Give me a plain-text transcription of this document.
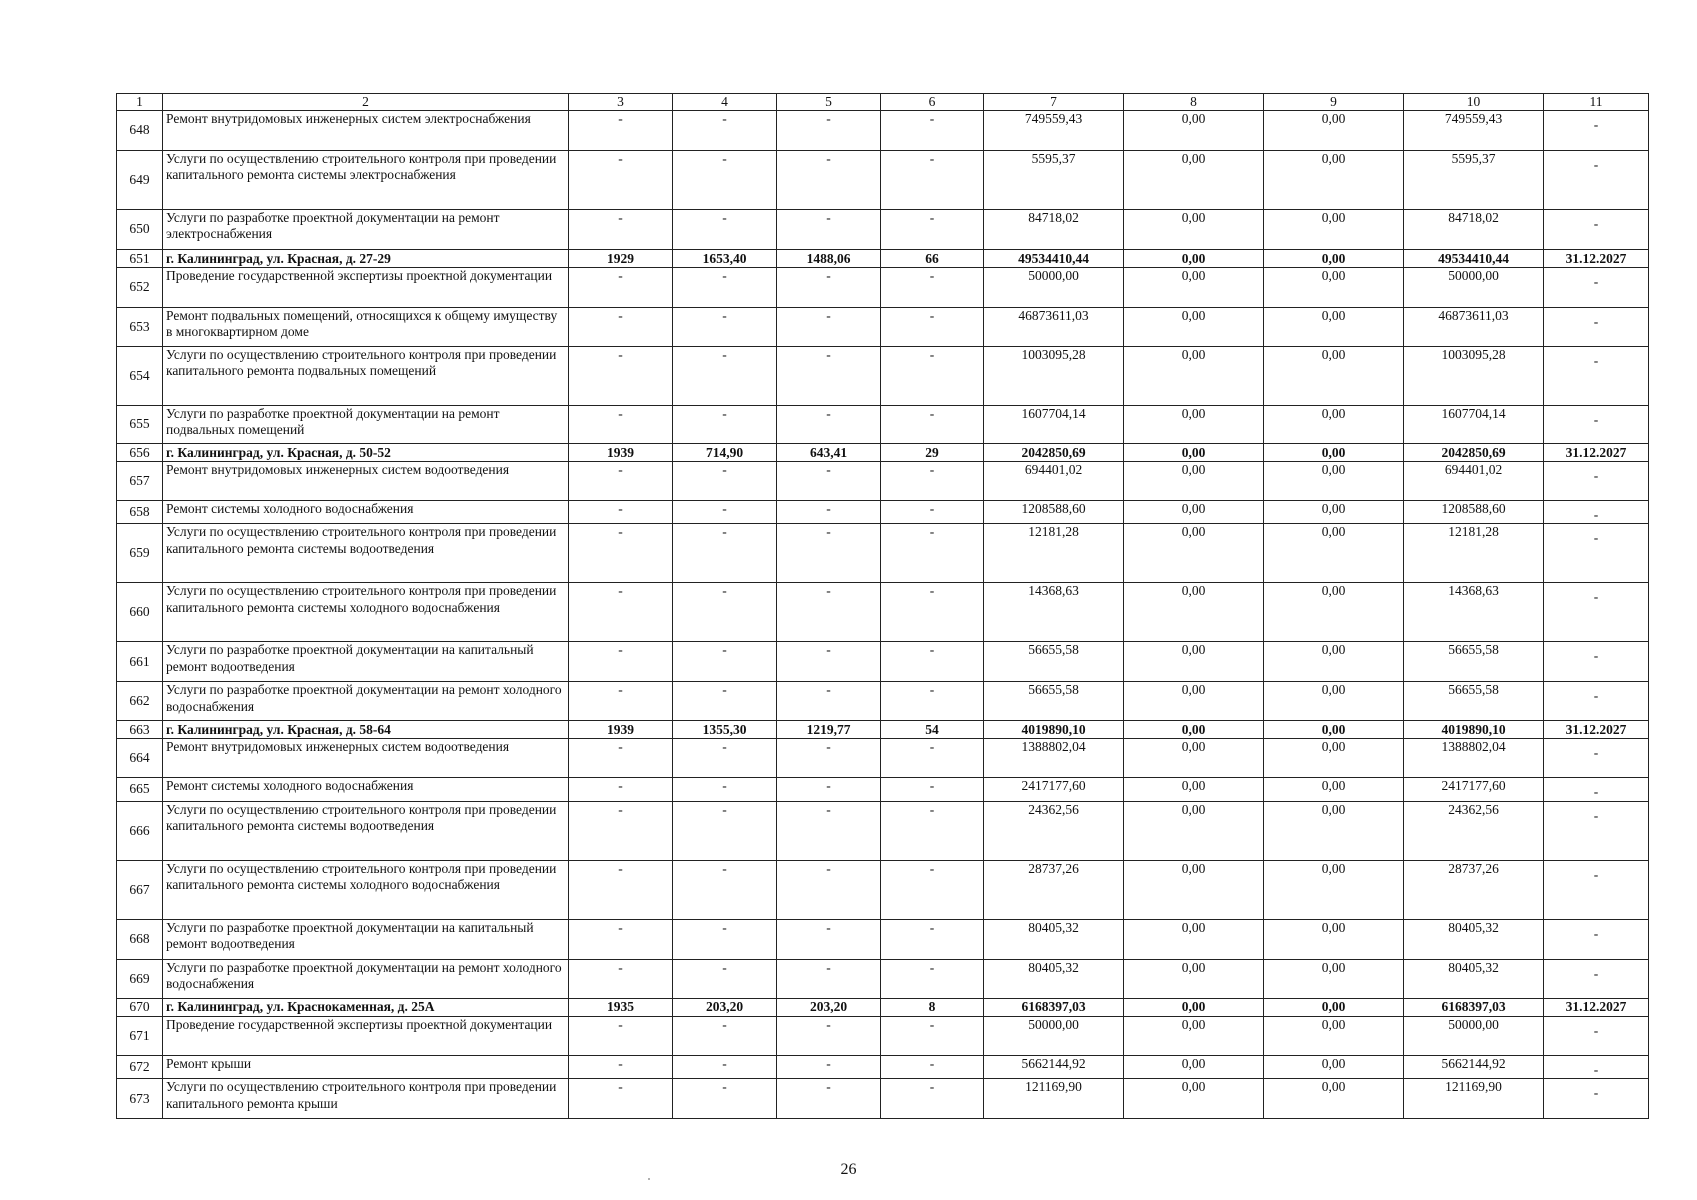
1	2	3	4	5	6	7	8	9	10	11
648	Ремонт внутридомовых инженерных систем электроснабжения	-	-	-	-	749559,43	0,00	0,00	749559,43	-
649	Услуги по осуществлению строительного контроля при проведении капитального ремонта системы электроснабжения	-	-	-	-	5595,37	0,00	0,00	5595,37	-
650	Услуги по разработке проектной документации на ремонт электроснабжения	-	-	-	-	84718,02	0,00	0,00	84718,02	-
651	г. Калининград, ул. Красная, д. 27-29	1929	1653,40	1488,06	66	49534410,44	0,00	0,00	49534410,44	31.12.2027
652	Проведение государственной экспертизы проектной документации	-	-	-	-	50000,00	0,00	0,00	50000,00	-
653	Ремонт подвальных помещений, относящихся к общему имуществу в многоквартирном доме	-	-	-	-	46873611,03	0,00	0,00	46873611,03	-
654	Услуги по осуществлению строительного контроля при проведении капитального ремонта подвальных помещений	-	-	-	-	1003095,28	0,00	0,00	1003095,28	-
655	Услуги по разработке проектной документации на ремонт подвальных помещений	-	-	-	-	1607704,14	0,00	0,00	1607704,14	-
656	г. Калининград, ул. Красная, д. 50-52	1939	714,90	643,41	29	2042850,69	0,00	0,00	2042850,69	31.12.2027
657	Ремонт внутридомовых инженерных систем водоотведения	-	-	-	-	694401,02	0,00	0,00	694401,02	-
658	Ремонт системы холодного водоснабжения	-	-	-	-	1208588,60	0,00	0,00	1208588,60	-
659	Услуги по осуществлению строительного контроля при проведении капитального ремонта системы водоотведения	-	-	-	-	12181,28	0,00	0,00	12181,28	-
660	Услуги по осуществлению строительного контроля при проведении капитального ремонта системы холодного водоснабжения	-	-	-	-	14368,63	0,00	0,00	14368,63	-
661	Услуги по разработке проектной документации на капитальный ремонт водоотведения	-	-	-	-	56655,58	0,00	0,00	56655,58	-
662	Услуги по разработке проектной документации на ремонт холодного водоснабжения	-	-	-	-	56655,58	0,00	0,00	56655,58	-
663	г. Калининград, ул. Красная, д. 58-64	1939	1355,30	1219,77	54	4019890,10	0,00	0,00	4019890,10	31.12.2027
664	Ремонт внутридомовых инженерных систем водоотведения	-	-	-	-	1388802,04	0,00	0,00	1388802,04	-
665	Ремонт системы холодного водоснабжения	-	-	-	-	2417177,60	0,00	0,00	2417177,60	-
666	Услуги по осуществлению строительного контроля при проведении капитального ремонта системы водоотведения	-	-	-	-	24362,56	0,00	0,00	24362,56	-
667	Услуги по осуществлению строительного контроля при проведении капитального ремонта системы холодного водоснабжения	-	-	-	-	28737,26	0,00	0,00	28737,26	-
668	Услуги по разработке проектной документации на капитальный ремонт водоотведения	-	-	-	-	80405,32	0,00	0,00	80405,32	-
669	Услуги по разработке проектной документации на ремонт холодного водоснабжения	-	-	-	-	80405,32	0,00	0,00	80405,32	-
670	г. Калининград, ул. Краснокаменная, д. 25А	1935	203,20	203,20	8	6168397,03	0,00	0,00	6168397,03	31.12.2027
671	Проведение государственной экспертизы проектной документации	-	-	-	-	50000,00	0,00	0,00	50000,00	-
672	Ремонт крыши	-	-	-	-	5662144,92	0,00	0,00	5662144,92	-
673	Услуги по осуществлению строительного контроля при проведении капитального ремонта крыши	-	-	-	-	121169,90	0,00	0,00	121169,90	-
26
